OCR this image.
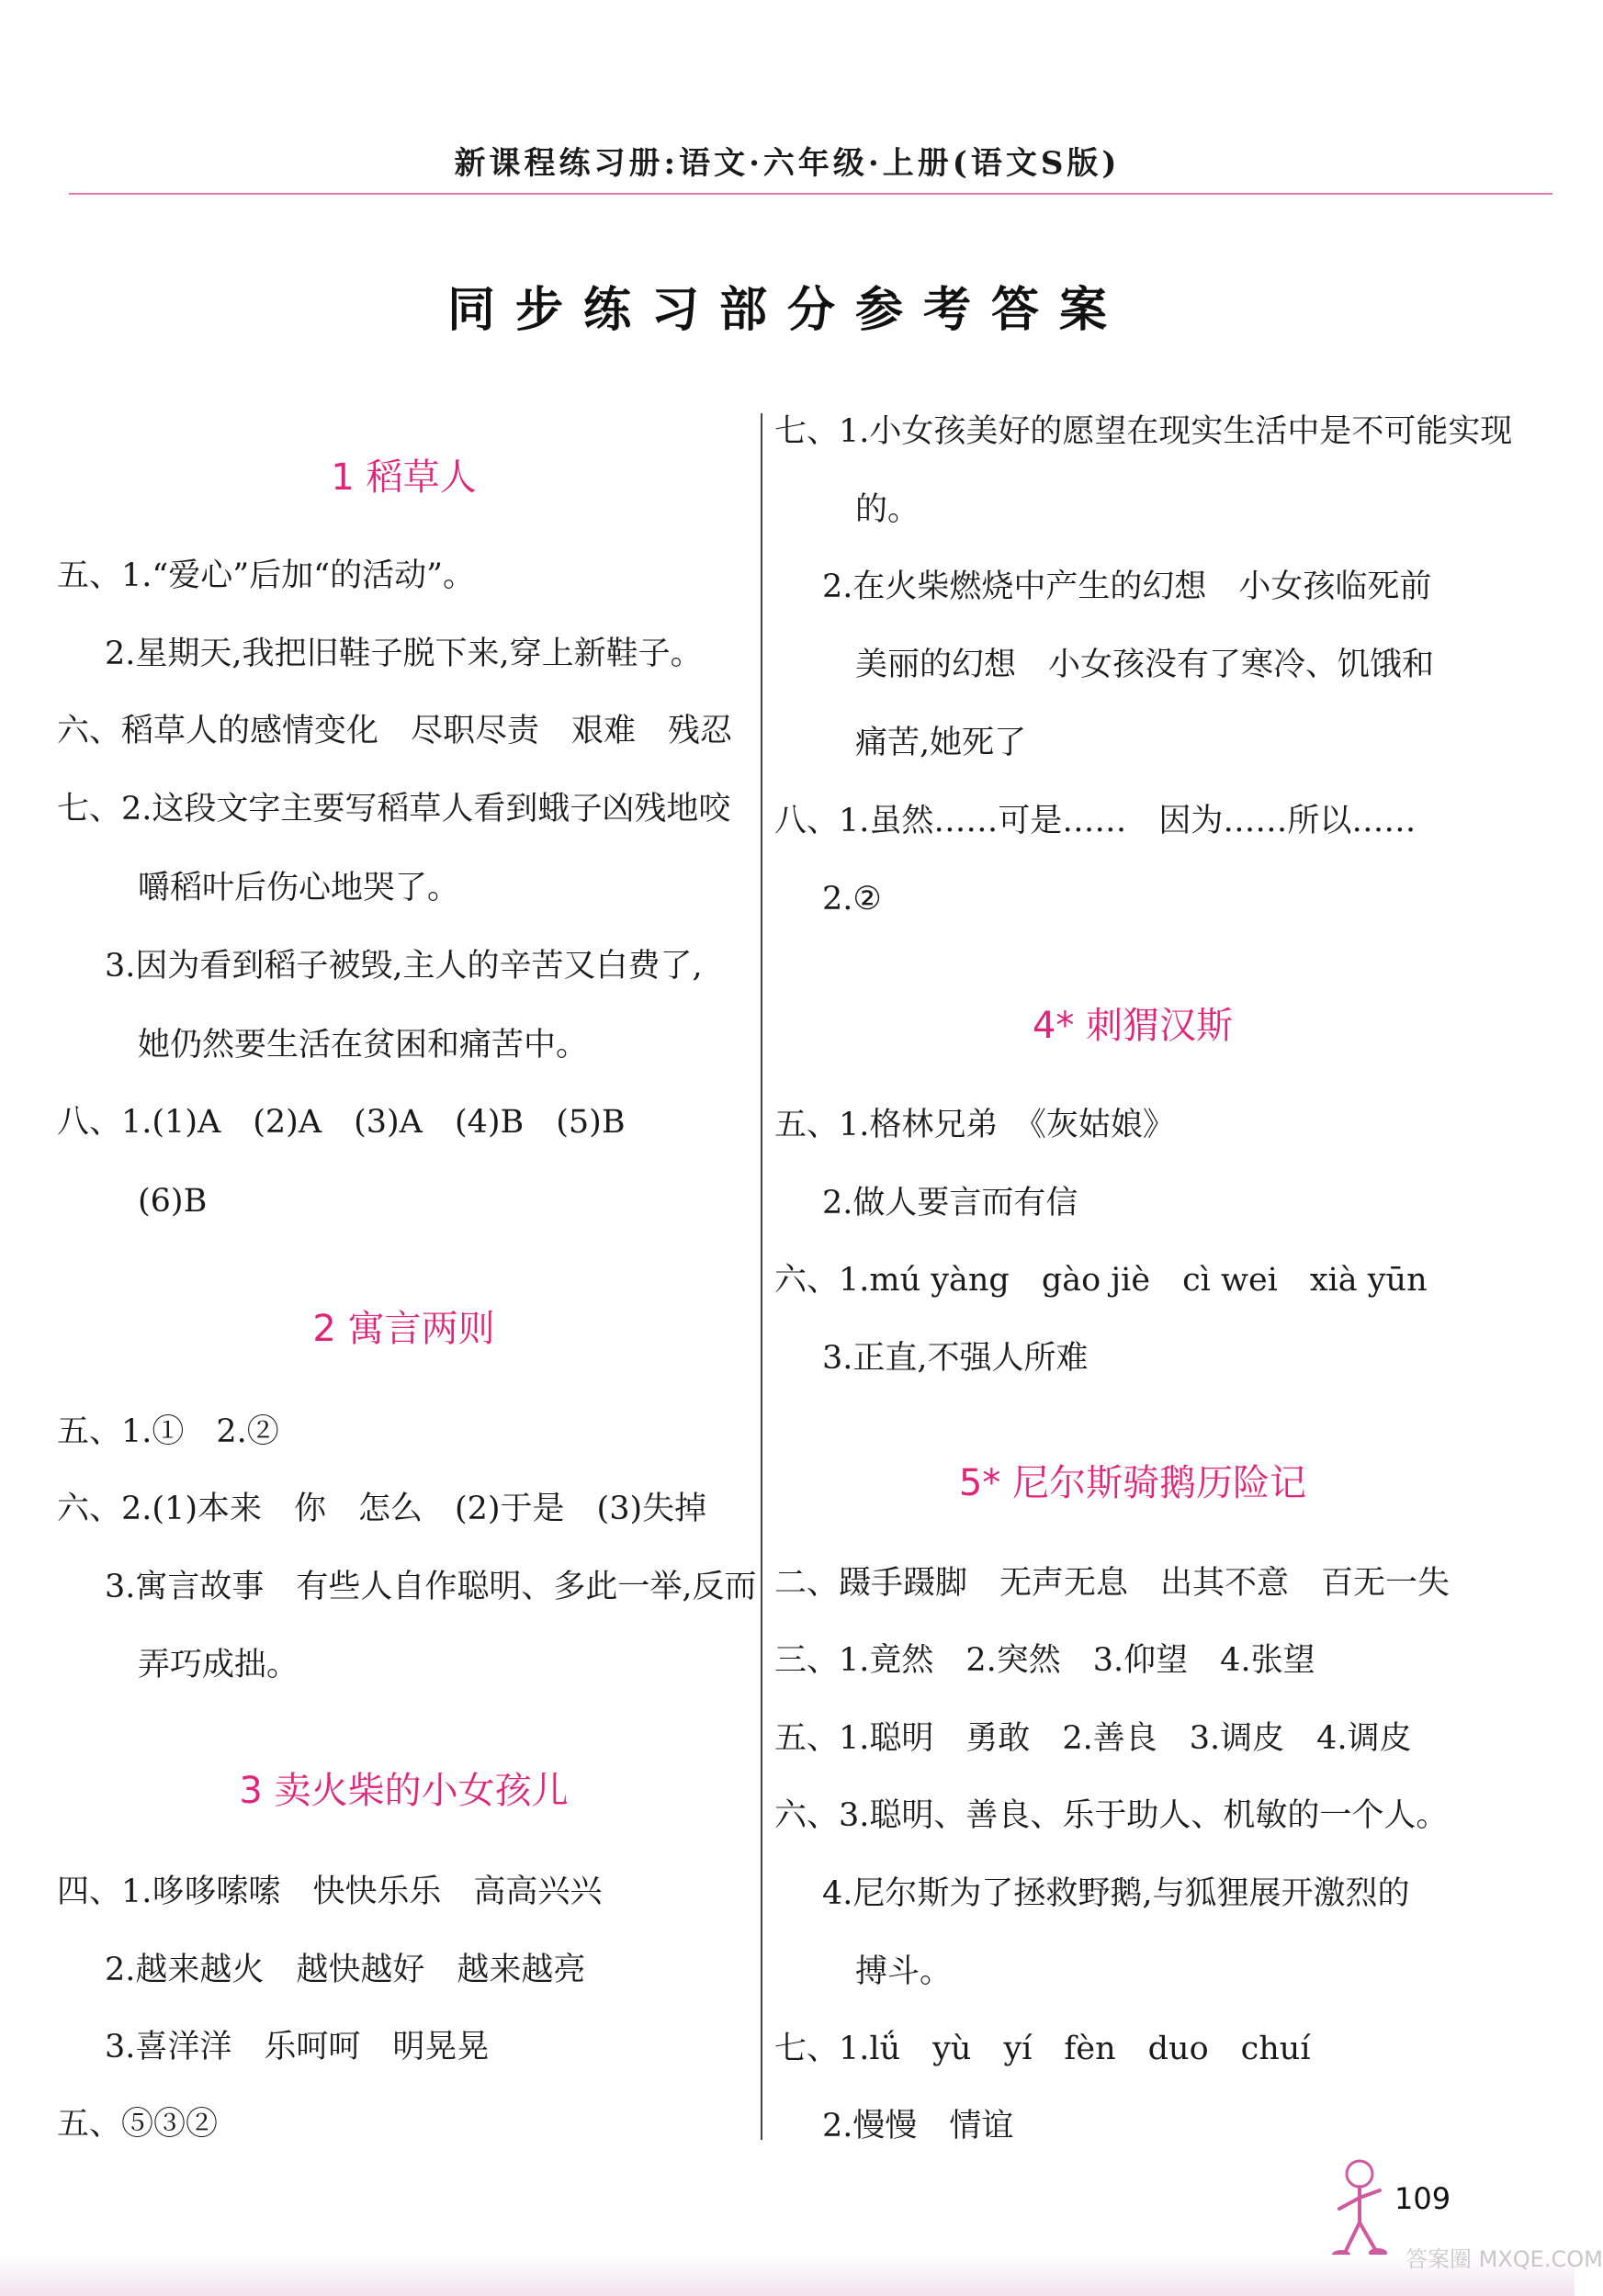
新课程练习册:语文·六年级·上册(语文S版)
同步练习部分参考答案
1 稻草人
五、1.“爱心”后加“的活动”。
2.星期天,我把旧鞋子脱下来,穿上新鞋子。
六、稻草人的感情变化　尽职尽责　艰难　残忍
七、2.这段文字主要写稻草人看到蛾子凶残地咬
嚼稻叶后伤心地哭了。
3.因为看到稻子被毁,主人的辛苦又白费了,
她仍然要生活在贫困和痛苦中。
八、1.(1)A　(2)A　(3)A　(4)B　(5)B
(6)B
2 寓言两则
五、1.①　2.②
六、2.(1)本来　你　怎么　(2)于是　(3)失掉
3.寓言故事　有些人自作聪明、多此一举,反而
弄巧成拙。
3 卖火柴的小女孩儿
四、1.哆哆嗦嗦　快快乐乐　高高兴兴
2.越来越火　越快越好　越来越亮
3.喜洋洋　乐呵呵　明晃晃
五、⑤③②
七、1.小女孩美好的愿望在现实生活中是不可能实现
的。
2.在火柴燃烧中产生的幻想　小女孩临死前
美丽的幻想　小女孩没有了寒冷、饥饿和
痛苦,她死了
八、1.虽然……可是……　因为……所以……
2.②
4* 刺猬汉斯
五、1.格林兄弟　《灰姑娘》
2.做人要言而有信
六、1.mú yàng　gào jiè　cì wei　xià yūn
3.正直,不强人所难
5* 尼尔斯骑鹅历险记
二、蹑手蹑脚　无声无息　出其不意　百无一失
三、1.竟然　2.突然　3.仰望　4.张望
五、1.聪明　勇敢　2.善良　3.调皮　4.调皮
六、3.聪明、善良、乐于助人、机敏的一个人。
4.尼尔斯为了拯救野鹅,与狐狸展开激烈的
搏斗。
七、1.lǘ　yù　yí　fèn　duo　chuí
2.慢慢　情谊
109
答案圈 MXQE.COM
